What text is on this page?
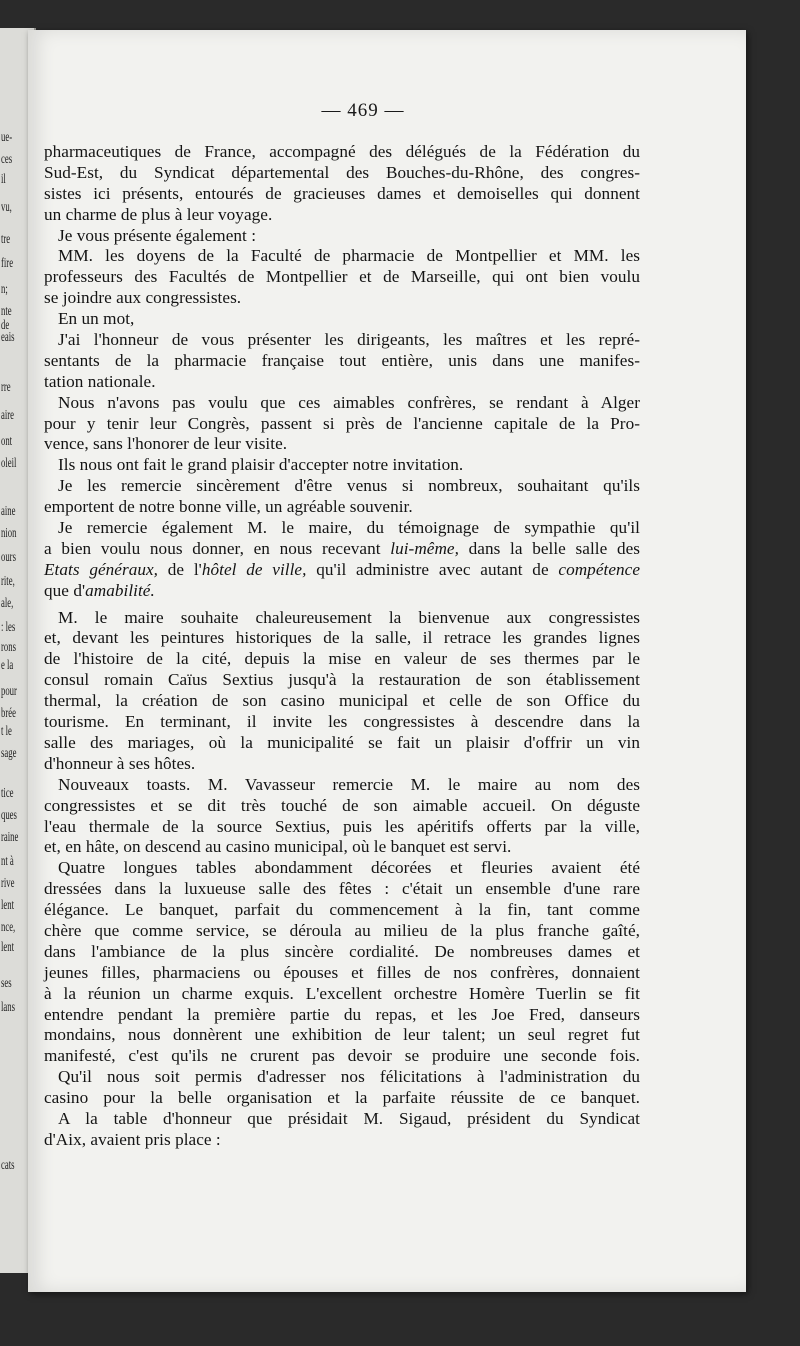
ue-
ces
il
vu,
tre
fire
n;
nte
de
eais
rre
aire
ont
oleil
aine
nion
ours
rite,
ale,
: les
rons
e la
pour
brée
t le
sage
tice
ques
raine
nt à
rive
lent
nce,
lent
ses
lans
cats
— 469 —
pharmaceutiques de France, accompagné des délégués de la Fédération du
Sud-Est, du Syndicat départemental des Bouches-du-Rhône, des congres-
sistes ici présents, entourés de gracieuses dames et demoiselles qui donnent
un charme de plus à leur voyage.
Je vous présente également :
MM. les doyens de la Faculté de pharmacie de Montpellier et MM. les
professeurs des Facultés de Montpellier et de Marseille, qui ont bien voulu
se joindre aux congressistes.
En un mot,
J'ai l'honneur de vous présenter les dirigeants, les maîtres et les repré-
sentants de la pharmacie française tout entière, unis dans une manifes-
tation nationale.
Nous n'avons pas voulu que ces aimables confrères, se rendant à Alger
pour y tenir leur Congrès, passent si près de l'ancienne capitale de la Pro-
vence, sans l'honorer de leur visite.
Ils nous ont fait le grand plaisir d'accepter notre invitation.
Je les remercie sincèrement d'être venus si nombreux, souhaitant qu'ils
emportent de notre bonne ville, un agréable souvenir.
Je remercie également M. le maire, du témoignage de sympathie qu'il
a bien voulu nous donner, en nous recevant lui-même, dans la belle salle des
Etats généraux, de l'hôtel de ville, qu'il administre avec autant de compétence
que d'amabilité.
M. le maire souhaite chaleureusement la bienvenue aux congressistes
et, devant les peintures historiques de la salle, il retrace les grandes lignes
de l'histoire de la cité, depuis la mise en valeur de ses thermes par le
consul romain Caïus Sextius jusqu'à la restauration de son établissement
thermal, la création de son casino municipal et celle de son Office du
tourisme. En terminant, il invite les congressistes à descendre dans la
salle des mariages, où la municipalité se fait un plaisir d'offrir un vin
d'honneur à ses hôtes.
Nouveaux toasts. M. Vavasseur remercie M. le maire au nom des
congressistes et se dit très touché de son aimable accueil. On déguste
l'eau thermale de la source Sextius, puis les apéritifs offerts par la ville,
et, en hâte, on descend au casino municipal, où le banquet est servi.
Quatre longues tables abondamment décorées et fleuries avaient été
dressées dans la luxueuse salle des fêtes : c'était un ensemble d'une rare
élégance. Le banquet, parfait du commencement à la fin, tant comme
chère que comme service, se déroula au milieu de la plus franche gaîté,
dans l'ambiance de la plus sincère cordialité. De nombreuses dames et
jeunes filles, pharmaciens ou épouses et filles de nos confrères, donnaient
à la réunion un charme exquis. L'excellent orchestre Homère Tuerlin se fit
entendre pendant la première partie du repas, et les Joe Fred, danseurs
mondains, nous donnèrent une exhibition de leur talent; un seul regret fut
manifesté, c'est qu'ils ne crurent pas devoir se produire une seconde fois.
Qu'il nous soit permis d'adresser nos félicitations à l'administration du
casino pour la belle organisation et la parfaite réussite de ce banquet.
A la table d'honneur que présidait M. Sigaud, président du Syndicat
d'Aix, avaient pris place :
